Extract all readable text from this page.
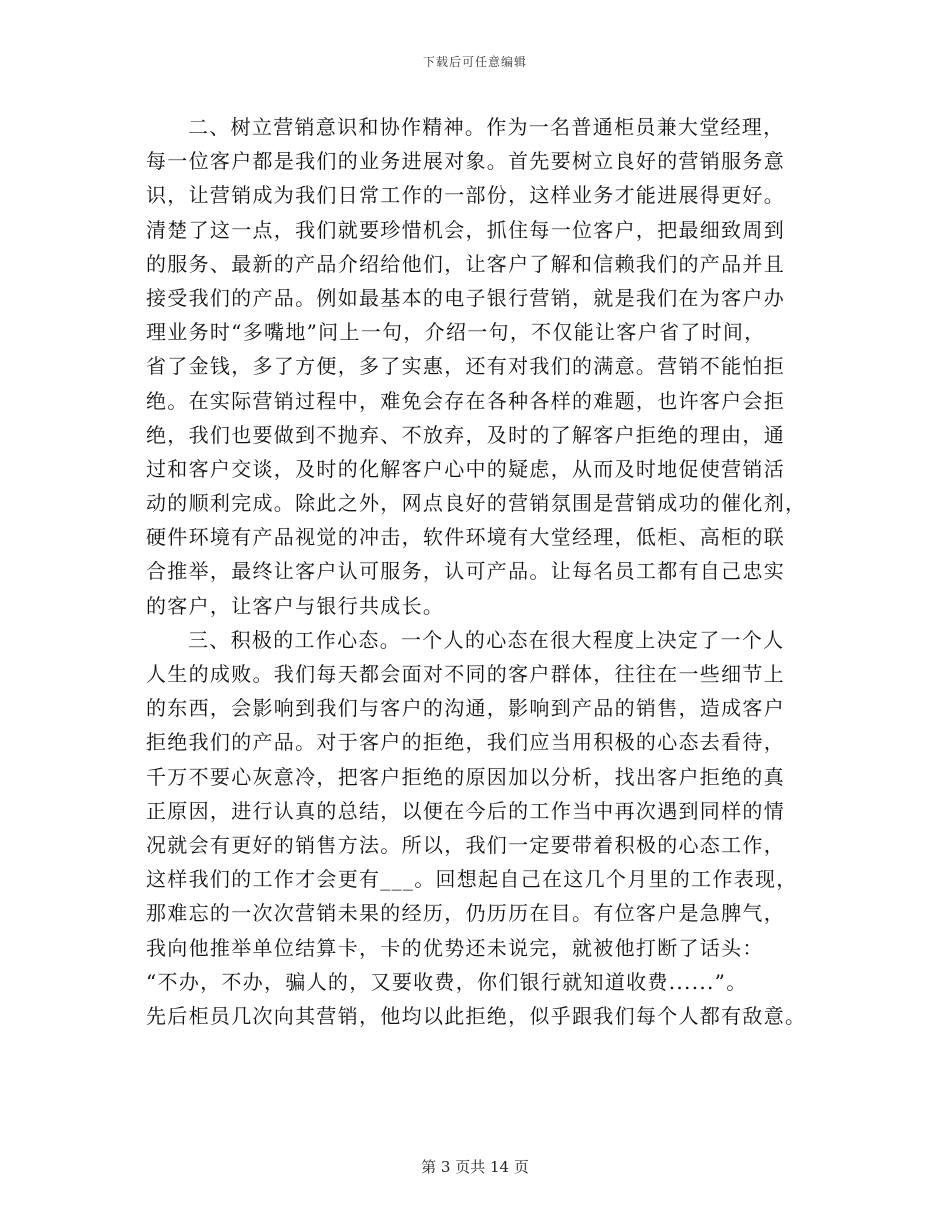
下载后可任意编辑
二、树立营销意识和协作精神。作为一名普通柜员兼大堂经理，
每一位客户都是我们的业务进展对象。首先要树立良好的营销服务意
识，让营销成为我们日常工作的一部份，这样业务才能进展得更好。
清楚了这一点，我们就要珍惜机会，抓住每一位客户，把最细致周到
的服务、最新的产品介绍给他们，让客户了解和信赖我们的产品并且
接受我们的产品。例如最基本的电子银行营销，就是我们在为客户办
理业务时“多嘴地”问上一句，介绍一句，不仅能让客户省了时间，
省了金钱，多了方便，多了实惠，还有对我们的满意。营销不能怕拒
绝。在实际营销过程中，难免会存在各种各样的难题，也许客户会拒
绝，我们也要做到不抛弃、不放弃，及时的了解客户拒绝的理由，通
过和客户交谈，及时的化解客户心中的疑虑，从而及时地促使营销活
动的顺利完成。除此之外，网点良好的营销氛围是营销成功的催化剂，
硬件环境有产品视觉的冲击，软件环境有大堂经理，低柜、高柜的联
合推举，最终让客户认可服务，认可产品。让每名员工都有自己忠实
的客户，让客户与银行共成长。
三、积极的工作心态。一个人的心态在很大程度上决定了一个人
人生的成败。我们每天都会面对不同的客户群体，往往在一些细节上
的东西，会影响到我们与客户的沟通，影响到产品的销售，造成客户
拒绝我们的产品。对于客户的拒绝，我们应当用积极的心态去看待，
千万不要心灰意冷，把客户拒绝的原因加以分析，找出客户拒绝的真
正原因，进行认真的总结，以便在今后的工作当中再次遇到同样的情
况就会有更好的销售方法。所以，我们一定要带着积极的心态工作，
这样我们的工作才会更有___。回想起自己在这几个月里的工作表现，
那难忘的一次次营销未果的经历，仍历历在目。有位客户是急脾气，
我向他推举单位结算卡，卡的优势还未说完，就被他打断了话头：
“不办，不办，骗人的，又要收费，你们银行就知道收费......”。
先后柜员几次向其营销，他均以此拒绝，似乎跟我们每个人都有敌意。
第 3 页共 14 页
